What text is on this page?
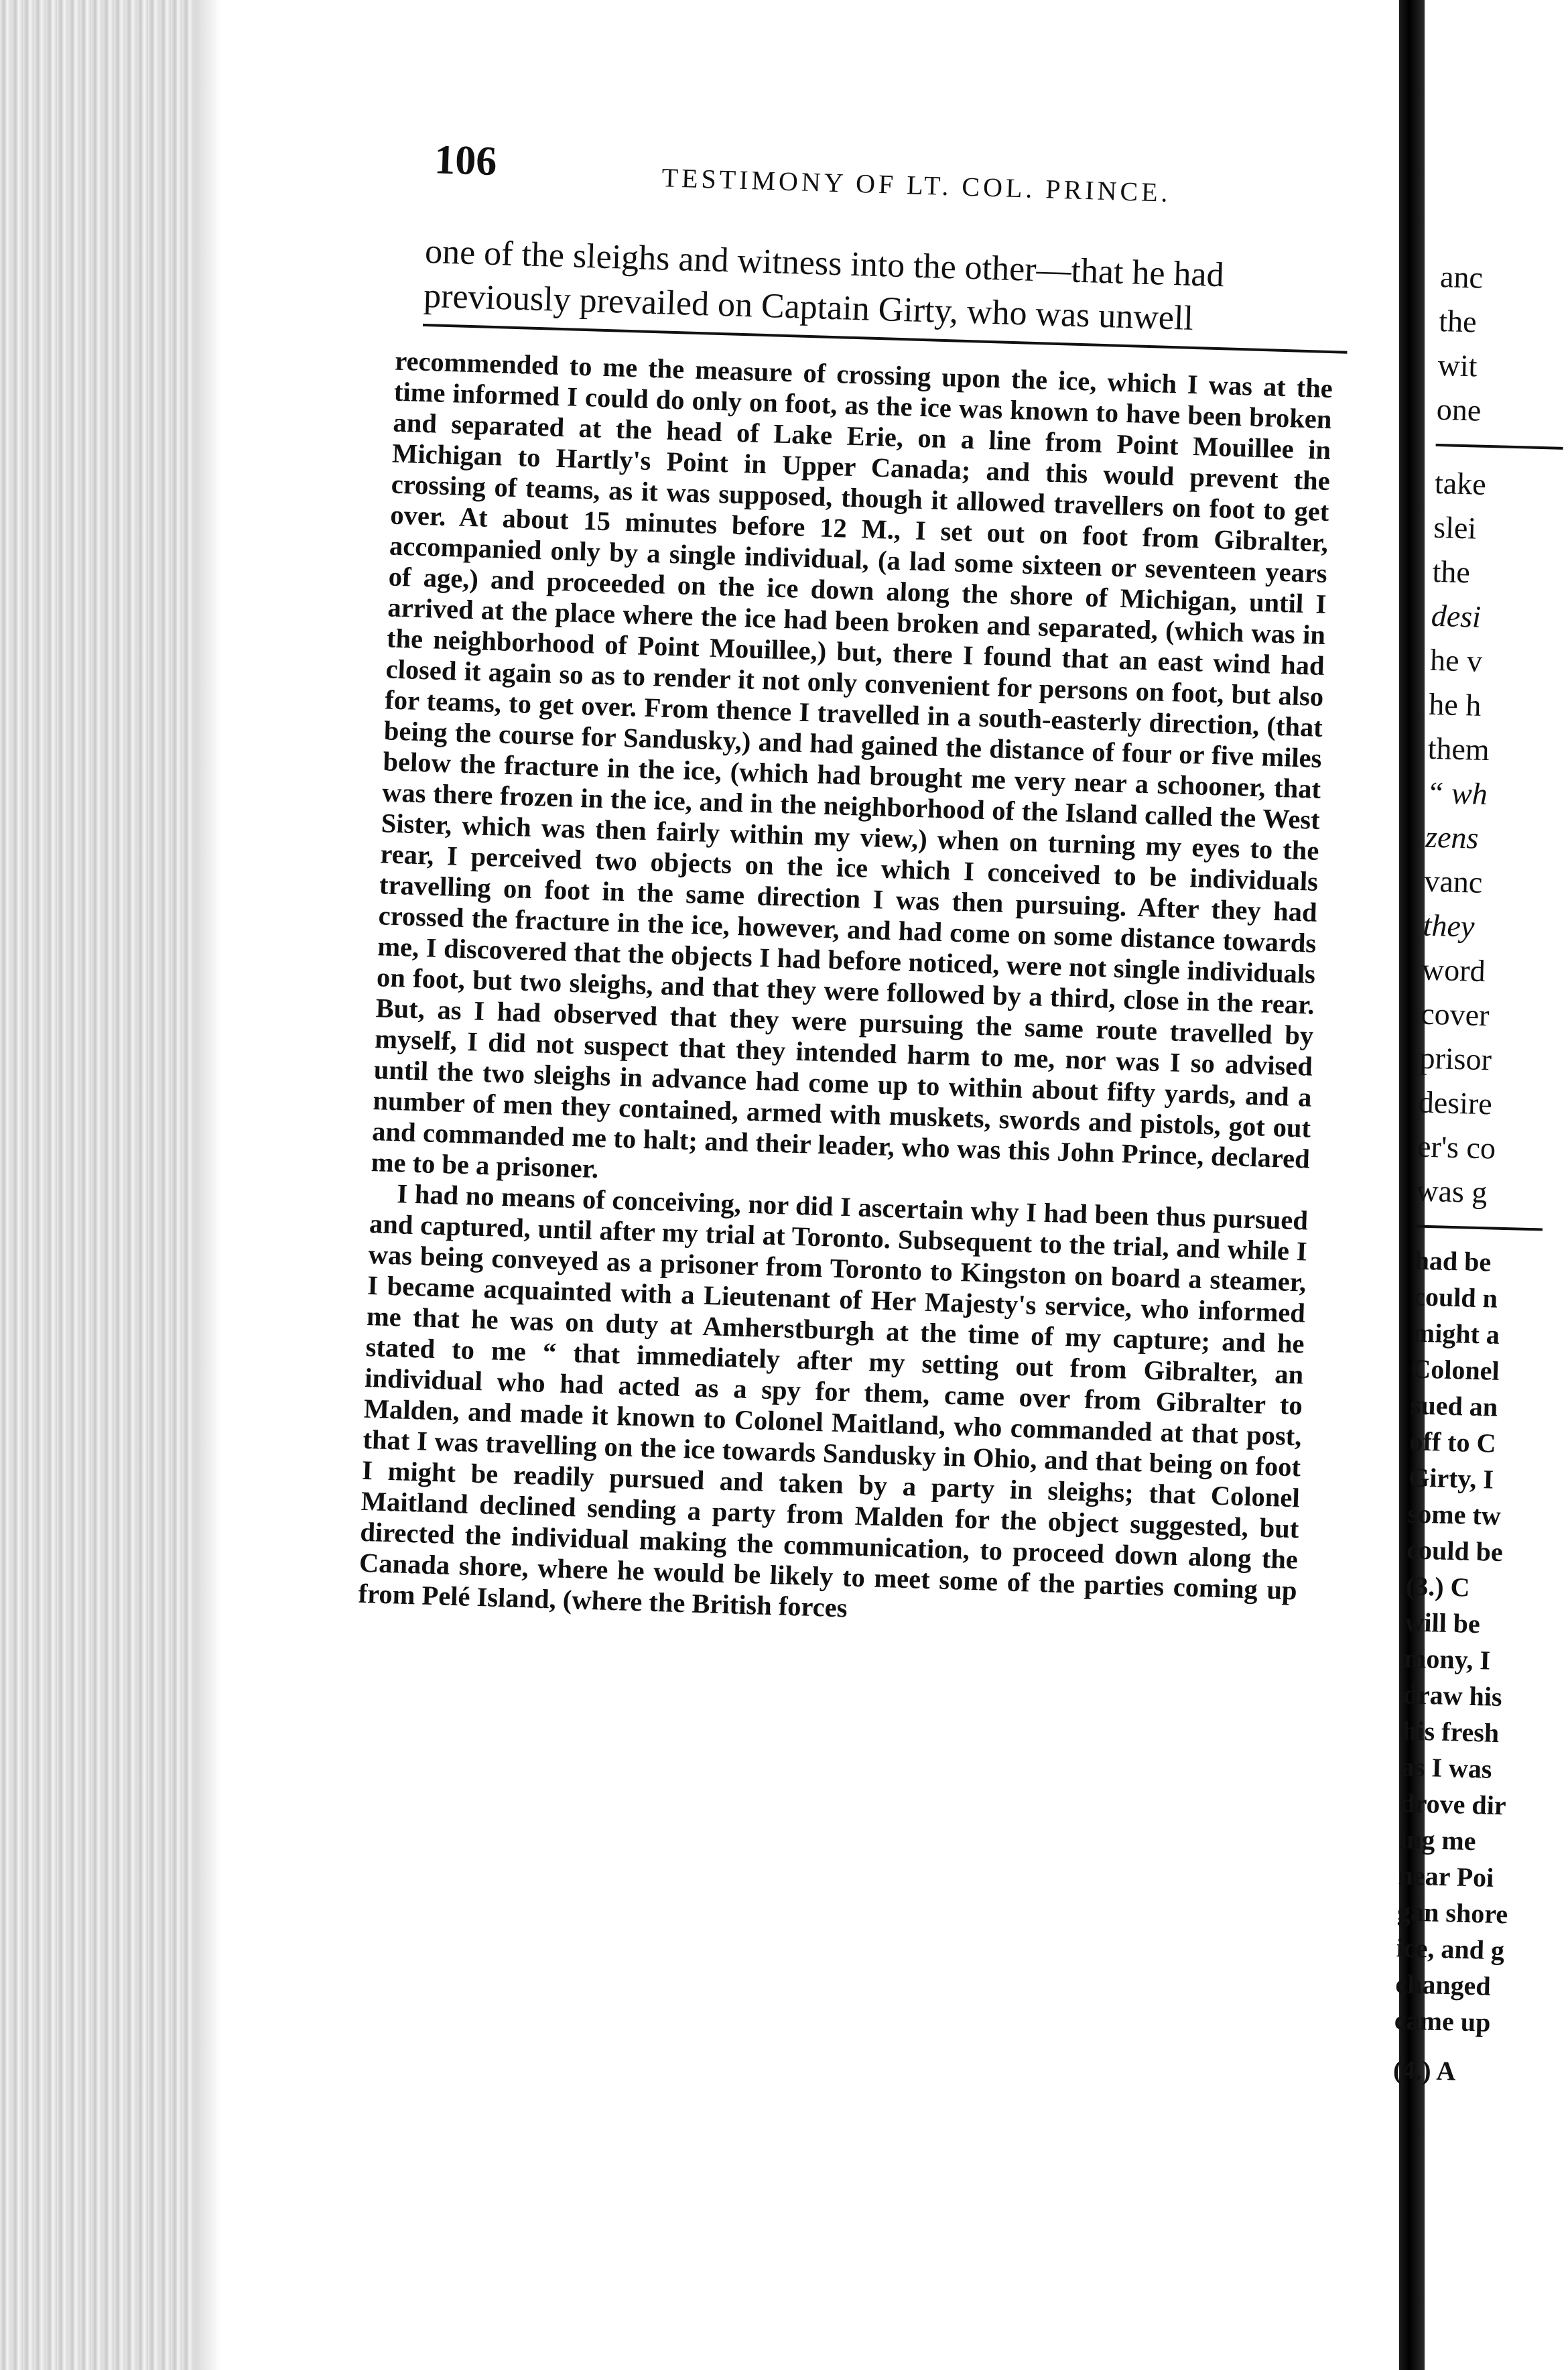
106
TESTIMONY OF LT. COL. PRINCE.
one of the sleighs and witness into the other—that he had
previously prevailed on Captain Girty, who was unwell

recommended to me the measure of crossing upon the ice, which I was at the time informed I could do only on foot, as the ice was known to have been broken and separated at the head of Lake Erie, on a line from Point Mouillee in Michigan to Hartly's Point in Upper Canada; and this would prevent the crossing of teams, as it was supposed, though it allowed travellers on foot to get over. At about 15 minutes before 12 M., I set out on foot from Gibralter, accompanied only by a single individual, (a lad some sixteen or seventeen years of age,) and proceeded on the ice down along the shore of Michigan, until I arrived at the place where the ice had been broken and separated, (which was in the neighborhood of Point Mouillee,) but, there I found that an east wind had closed it again so as to render it not only convenient for persons on foot, but also for teams, to get over. From thence I travelled in a south-easterly direction, (that being the course for Sandusky,) and had gained the distance of four or five miles below the fracture in the ice, (which had brought me very near a schooner, that was there frozen in the ice, and in the neighborhood of the Island called the West Sister, which was then fairly within my view,) when on turning my eyes to the rear, I perceived two objects on the ice which I conceived to be individuals travelling on foot in the same direction I was then pursuing. After they had crossed the fracture in the ice, however, and had come on some distance towards me, I discovered that the objects I had before noticed, were not single individuals on foot, but two sleighs, and that they were followed by a third, close in the rear. But, as I had observed that they were pursuing the same route travelled by myself, I did not suspect that they intended harm to me, nor was I so advised until the two sleighs in advance had come up to within about fifty yards, and a number of men they contained, armed with muskets, swords and pistols, got out and commanded me to halt; and their leader, who was this John Prince, declared me to be a prisoner.

I had no means of conceiving, nor did I ascertain why I had been thus pursued and captured, until after my trial at Toronto. Subsequent to the trial, and while I was being conveyed as a prisoner from Toronto to Kingston on board a steamer, I became acquainted with a Lieutenant of Her Majesty's service, who informed me that he was on duty at Amherstburgh at the time of my capture; and he stated to me “ that immediately after my setting out from Gibralter, an individual who had acted as a spy for them, came over from Gibralter to Malden, and made it known to Colonel Maitland, who commanded at that post, that I was travelling on the ice towards Sandusky in Ohio, and that being on foot I might be readily pursued and taken by a party in sleighs; that Colonel Maitland declined sending a party from Malden for the object suggested, but directed the individual making the communication, to proceed down along the Canada shore, where he would be likely to meet some of the parties coming up from Pelé Island, (where the British forces

anc
the
wit
one
take
slei
the
desi
he v
he h
them
“ wh
zens
vanc
they
word
cover
prisor
desire
er's co
was g
had be
could n
might a
Colonel
sued an
off to C
Girty, I
some tw
could be
(3.) C
will be
mony, I
draw his
his fresh
as I was
drove dir
ing me
near Poi
gan shore
ice, and g
changed
came up
(4.) A
